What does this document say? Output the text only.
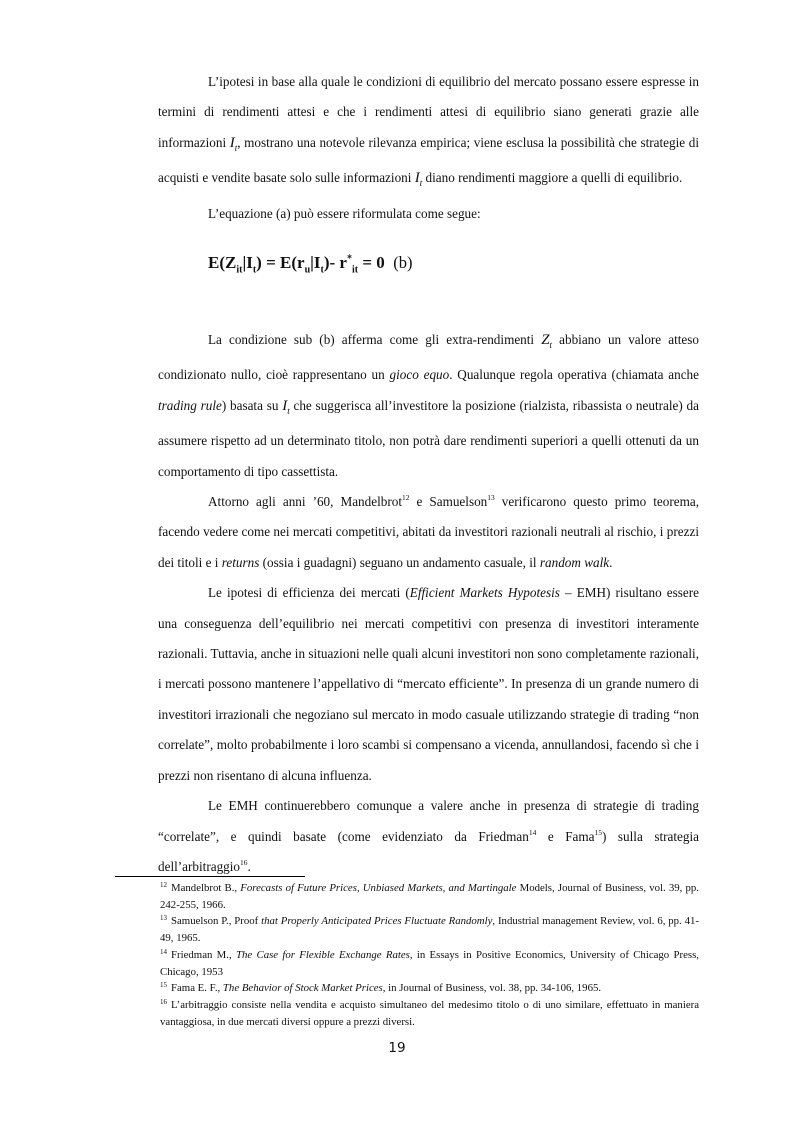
L’ipotesi in base alla quale le condizioni di equilibrio del mercato possano essere espresse in termini di rendimenti attesi e che i rendimenti attesi di equilibrio siano generati grazie alle informazioni $I_t$, mostrano una notevole rilevanza empirica; viene esclusa la possibilità che strategie di acquisti e vendite basate solo sulle informazioni $I_t$ diano rendimenti maggiore a quelli di equilibrio.

L’equazione (a) può essere riformulata come segue:

$E(Z_{it}|I_t) = E(r_u|I_t)-$ $r^*_{it} = 0$ (b)

La condizione sub (b) afferma come gli extra-rendimenti $Z_t$ abbiano un valore atteso condizionato nullo, cioè rappresentano un gioco equo. Qualunque regola operativa (chiamata anche trading rule) basata su $I_t$ che suggerisca all’investitore la posizione (rialzista, ribassista o neutrale) da assumere rispetto ad un determinato titolo, non potrà dare rendimenti superiori a quelli ottenuti da un comportamento di tipo cassettista.

Attorno agli anni ’60, Mandelbrot$^{12}$ e Samuelson$^{13}$ verificarono questo primo teorema, facendo vedere come nei mercati competitivi, abitati da investitori razionali neutrali al rischio, i prezzi dei titoli e i returns (ossia i guadagni) seguano un andamento casuale, il random walk.

Le ipotesi di efficienza dei mercati (Efficient Markets Hypotesis – EMH) risultano essere una conseguenza dell’equilibrio nei mercati competitivi con presenza di investitori interamente razionali. Tuttavia, anche in situazioni nelle quali alcuni investitori non sono completamente razionali, i mercati possono mantenere l’appellativo di “mercato efficiente”. In presenza di un grande numero di investitori irrazionali che negoziano sul mercato in modo casuale utilizzando strategie di trading “non correlate”, molto probabilmente i loro scambi si compensano a vicenda, annullandosi, facendo sì che i prezzi non risentano di alcuna influenza.

Le EMH continuerebbero comunque a valere anche in presenza di strategie di trading “correlate”, e quindi basate (come evidenziato da Friedman$^{14}$ e Fama$^{15}$) sulla strategia dell’arbitraggio$^{16}$.

$^{12}$ Mandelbrot B., Forecasts of Future Prices, Unbiased Markets, and Martingale Models, Journal of Business, vol. 39, pp. 242-255, 1966.

$^{13}$ Samuelson P., Proof that Properly Anticipated Prices Fluctuate Randomly, Industrial management Review, vol. 6, pp. 41-49, 1965.

$^{14}$ Friedman M., The Case for Flexible Exchange Rates, in Essays in Positive Economics, University of Chicago Press, Chicago, 1953

$^{15}$ Fama E. F., The Behavior of Stock Market Prices, in Journal of Business, vol. 38, pp. 34-106, 1965.

$^{16}$ L’arbitraggio consiste nella vendita e acquisto simultaneo del medesimo titolo o di uno similare, effettuato in maniera vantaggiosa, in due mercati diversi oppure a prezzi diversi.

19
